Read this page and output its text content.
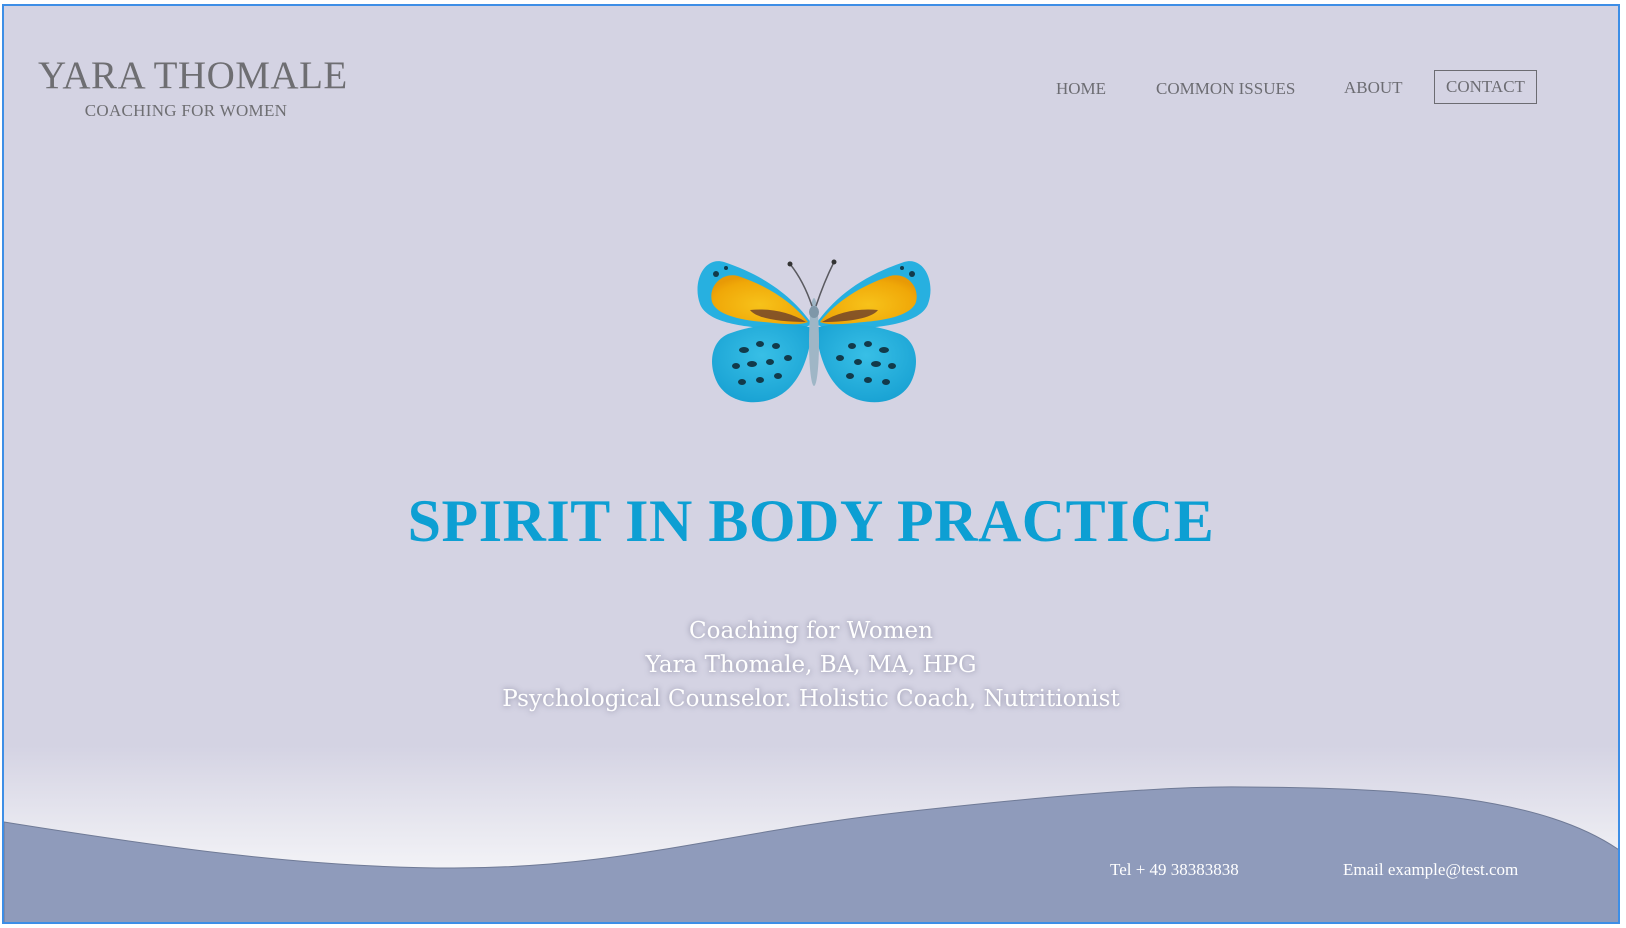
YARA THOMALE
COACHING FOR WOMEN
HOME	COMMON ISSUES	ABOUT	CONTACT
SPIRIT IN BODY PRACTICE
Coaching for Women
Yara Thomale, BA, MA, HPG
Psychological Counselor. Holistic Coach, Nutritionist
Tel + 49 38383838	Email example@test.com
